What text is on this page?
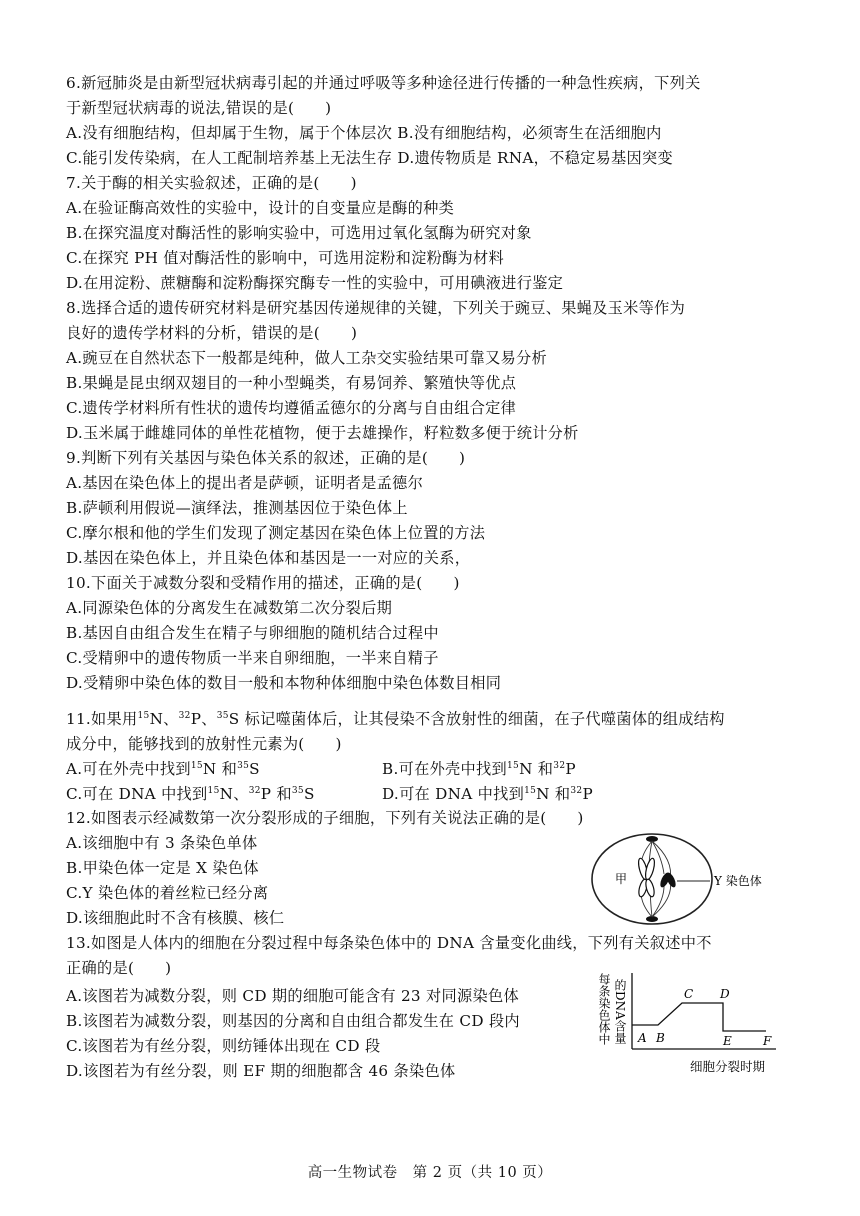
6.新冠肺炎是由新型冠状病毒引起的并通过呼吸等多种途径进行传播的一种急性疾病，下列关
于新型冠状病毒的说法,错误的是(　　)
A.没有细胞结构，但却属于生物，属于个体层次 B.没有细胞结构，必须寄生在活细胞内
C.能引发传染病，在人工配制培养基上无法生存 D.遗传物质是 RNA，不稳定易基因突变
7.关于酶的相关实验叙述，正确的是(　　)
A.在验证酶高效性的实验中，设计的自变量应是酶的种类
B.在探究温度对酶活性的影响实验中，可选用过氧化氢酶为研究对象
C.在探究 PH 值对酶活性的影响中，可选用淀粉和淀粉酶为材料
D.在用淀粉、蔗糖酶和淀粉酶探究酶专一性的实验中，可用碘液进行鉴定
8.选择合适的遗传研究材料是研究基因传递规律的关键，下列关于豌豆、果蝇及玉米等作为
良好的遗传学材料的分析，错误的是(　　)
A.豌豆在自然状态下一般都是纯种，做人工杂交实验结果可靠又易分析
B.果蝇是昆虫纲双翅目的一种小型蝇类，有易饲养、繁殖快等优点
C.遗传学材料所有性状的遗传均遵循孟德尔的分离与自由组合定律
D.玉米属于雌雄同体的单性花植物，便于去雄操作，籽粒数多便于统计分析
9.判断下列有关基因与染色体关系的叙述，正确的是(　　)
A.基因在染色体上的提出者是萨顿，证明者是孟德尔
B.萨顿利用假说—演绎法，推测基因位于染色体上
C.摩尔根和他的学生们发现了测定基因在染色体上位置的方法
D.基因在染色体上，并且染色体和基因是一一对应的关系，
10.下面关于减数分裂和受精作用的描述，正确的是(　　)
A.同源染色体的分离发生在减数第二次分裂后期
B.基因自由组合发生在精子与卵细胞的随机结合过程中
C.受精卵中的遗传物质一半来自卵细胞，一半来自精子
D.受精卵中染色体的数目一般和本物种体细胞中染色体数目相同
11.如果用$^{15}$N、$^{32}$P、$^{35}$S 标记噬菌体后，让其侵染不含放射性的细菌，在子代噬菌体的组成结构
成分中，能够找到的放射性元素为(　　)
A.可在外壳中找到$^{15}$N 和$^{35}$S	B.可在外壳中找到$^{15}$N 和$^{32}$P
C.可在 DNA 中找到$^{15}$N、$^{32}$P 和$^{35}$S	D.可在 DNA 中找到$^{15}$N 和$^{32}$P
12.如图表示经减数第一次分裂形成的子细胞，下列有关说法正确的是(　　)
A.该细胞中有 3 条染色单体
B.甲染色体一定是 X 染色体
C.Y 染色体的着丝粒已经分离
D.该细胞此时不含有核膜、核仁
甲	Y 染色体
13.如图是人体内的细胞在分裂过程中每条染色体中的 DNA 含量变化曲线，下列有关叙述中不
正确的是(　　)
A.该图若为减数分裂，则 CD 期的细胞可能含有 23 对同源染色体
B.该图若为减数分裂，则基因的分离和自由组合都发生在 CD 段内
C.该图若为有丝分裂，则纺锤体出现在 CD 段
D.该图若为有丝分裂，则 EF 期的细胞都含 46 条染色体
每条染色体中 的DNA含量 A B
C D
E	F
细胞分裂时期
高一生物试卷　第 2 页（共 10 页）
